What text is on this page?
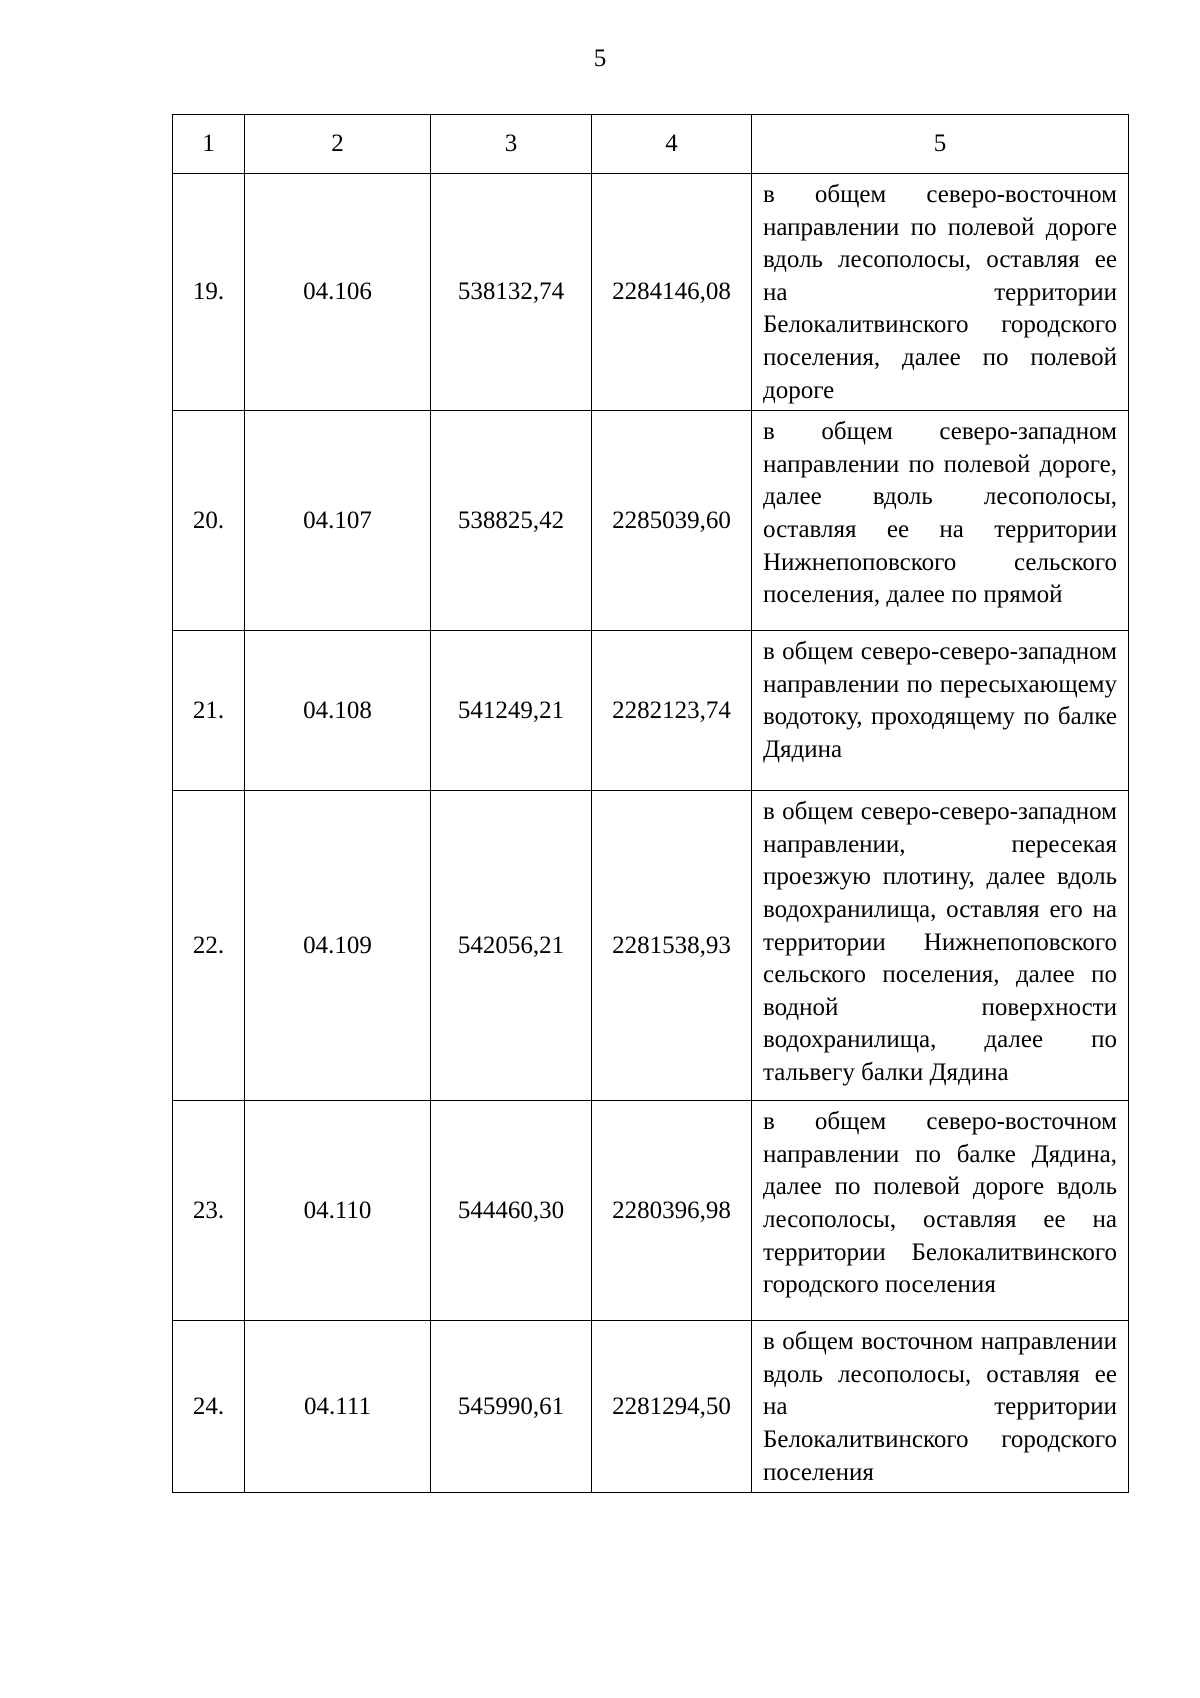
5
1	2	3	4	5
19.	04.106	538132,74	2284146,08	в общем северо-восточном направлении по полевой дороге вдоль лесополосы, оставляя ее на территории Белокалитвинского городского поселения, далее по полевой дороге
20.	04.107	538825,42	2285039,60	в общем северо-западном направлении по полевой дороге, далее вдоль лесополосы, оставляя ее на территории Нижнепоповского сельского поселения, далее по прямой
21.	04.108	541249,21	2282123,74	в общем северо-северо-западном направлении по пересыхающему водотоку, проходящему по балке Дядина
22.	04.109	542056,21	2281538,93	в общем северо-северо-западном направлении, пересекая проезжую плотину, далее вдоль водохранилища, оставляя его на территории Нижнепоповского сельского поселения, далее по водной поверхности водохранилища, далее по тальвегу балки Дядина
23.	04.110	544460,30	2280396,98	в общем северо-восточном направлении по балке Дядина, далее по полевой дороге вдоль лесополосы, оставляя ее на территории Белокалитвинского городского поселения
24.	04.111	545990,61	2281294,50	в общем восточном направлении вдоль лесополосы, оставляя ее на территории Белокалитвинского городского поселения
